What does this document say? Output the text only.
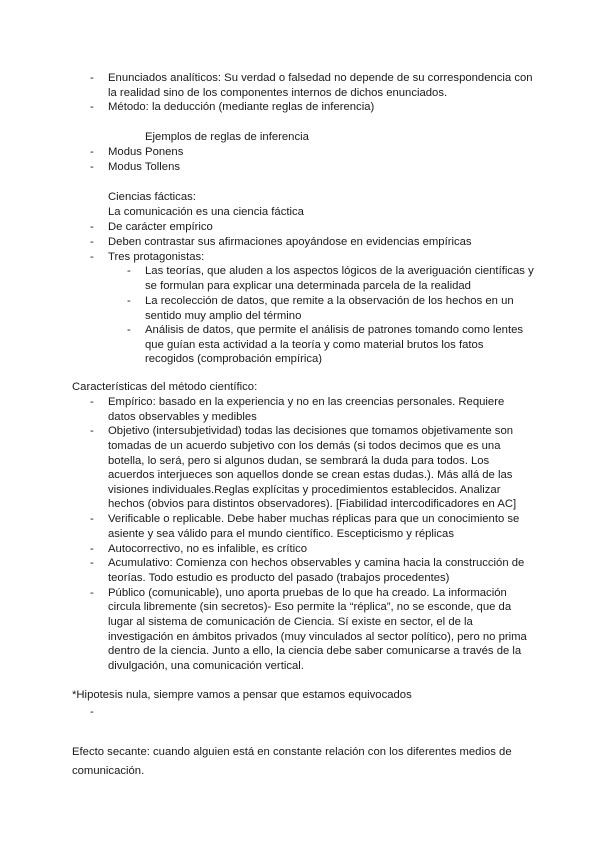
-	Enunciados analíticos: Su verdad o falsedad no depende de su correspondencia con
la realidad sino de los componentes internos de dichos enunciados.
-	Método: la deducción (mediante reglas de inferencia)
Ejemplos de reglas de inferencia
-	Modus Ponens
-	Modus Tollens
Ciencias fácticas:
La comunicación es una ciencia fáctica
-	De carácter empírico
-	Deben contrastar sus afirmaciones apoyándose en evidencias empíricas
-	Tres protagonistas:
-	Las teorías, que aluden a los aspectos lógicos de la averiguación científicas y
se formulan para explicar una determinada parcela de la realidad
-	La recolección de datos, que remite a la observación de los hechos en un
sentido muy amplio del término
-	Análisis de datos, que permite el análisis de patrones tomando como lentes
que guían esta actividad a la teoría y como material brutos los fatos
recogidos (comprobación empírica)
Características del método científico:
-	Empírico: basado en la experiencia y no en las creencias personales. Requiere
datos observables y medibles
-	Objetivo (intersubjetividad) todas las decisiones que tomamos objetivamente son
tomadas de un acuerdo subjetivo con los demás (si todos decimos que es una
botella, lo será, pero si algunos dudan, se sembrará la duda para todos. Los
acuerdos interjueces son aquellos donde se crean estas dudas.). Más allá de las
visiones individuales.Reglas explícitas y procedimientos establecidos. Analizar
hechos (obvios para distintos observadores). [Fiabilidad intercodificadores en AC]
-	Verificable o replicable. Debe haber muchas réplicas para que un conocimiento se
asiente y sea válido para el mundo científico. Escepticismo y réplicas
-	Autocorrectivo, no es infalible, es crítico
-	Acumulativo: Comienza con hechos observables y camina hacia la construcción de
teorías. Todo estudio es producto del pasado (trabajos procedentes)
-	Público (comunicable), uno aporta pruebas de lo que ha creado. La información
circula libremente (sin secretos)- Eso permite la “réplica”, no se esconde, que da
lugar al sistema de comunicación de Ciencia. Sí existe en sector, el de la
investigación en ámbitos privados (muy vinculados al sector político), pero no prima
dentro de la ciencia. Junto a ello, la ciencia debe saber comunicarse a través de la
divulgación, una comunicación vertical.
*Hipotesis nula, siempre vamos a pensar que estamos equivocados
-
Efecto secante: cuando alguien está en constante relación con los diferentes medios de
comunicación.
